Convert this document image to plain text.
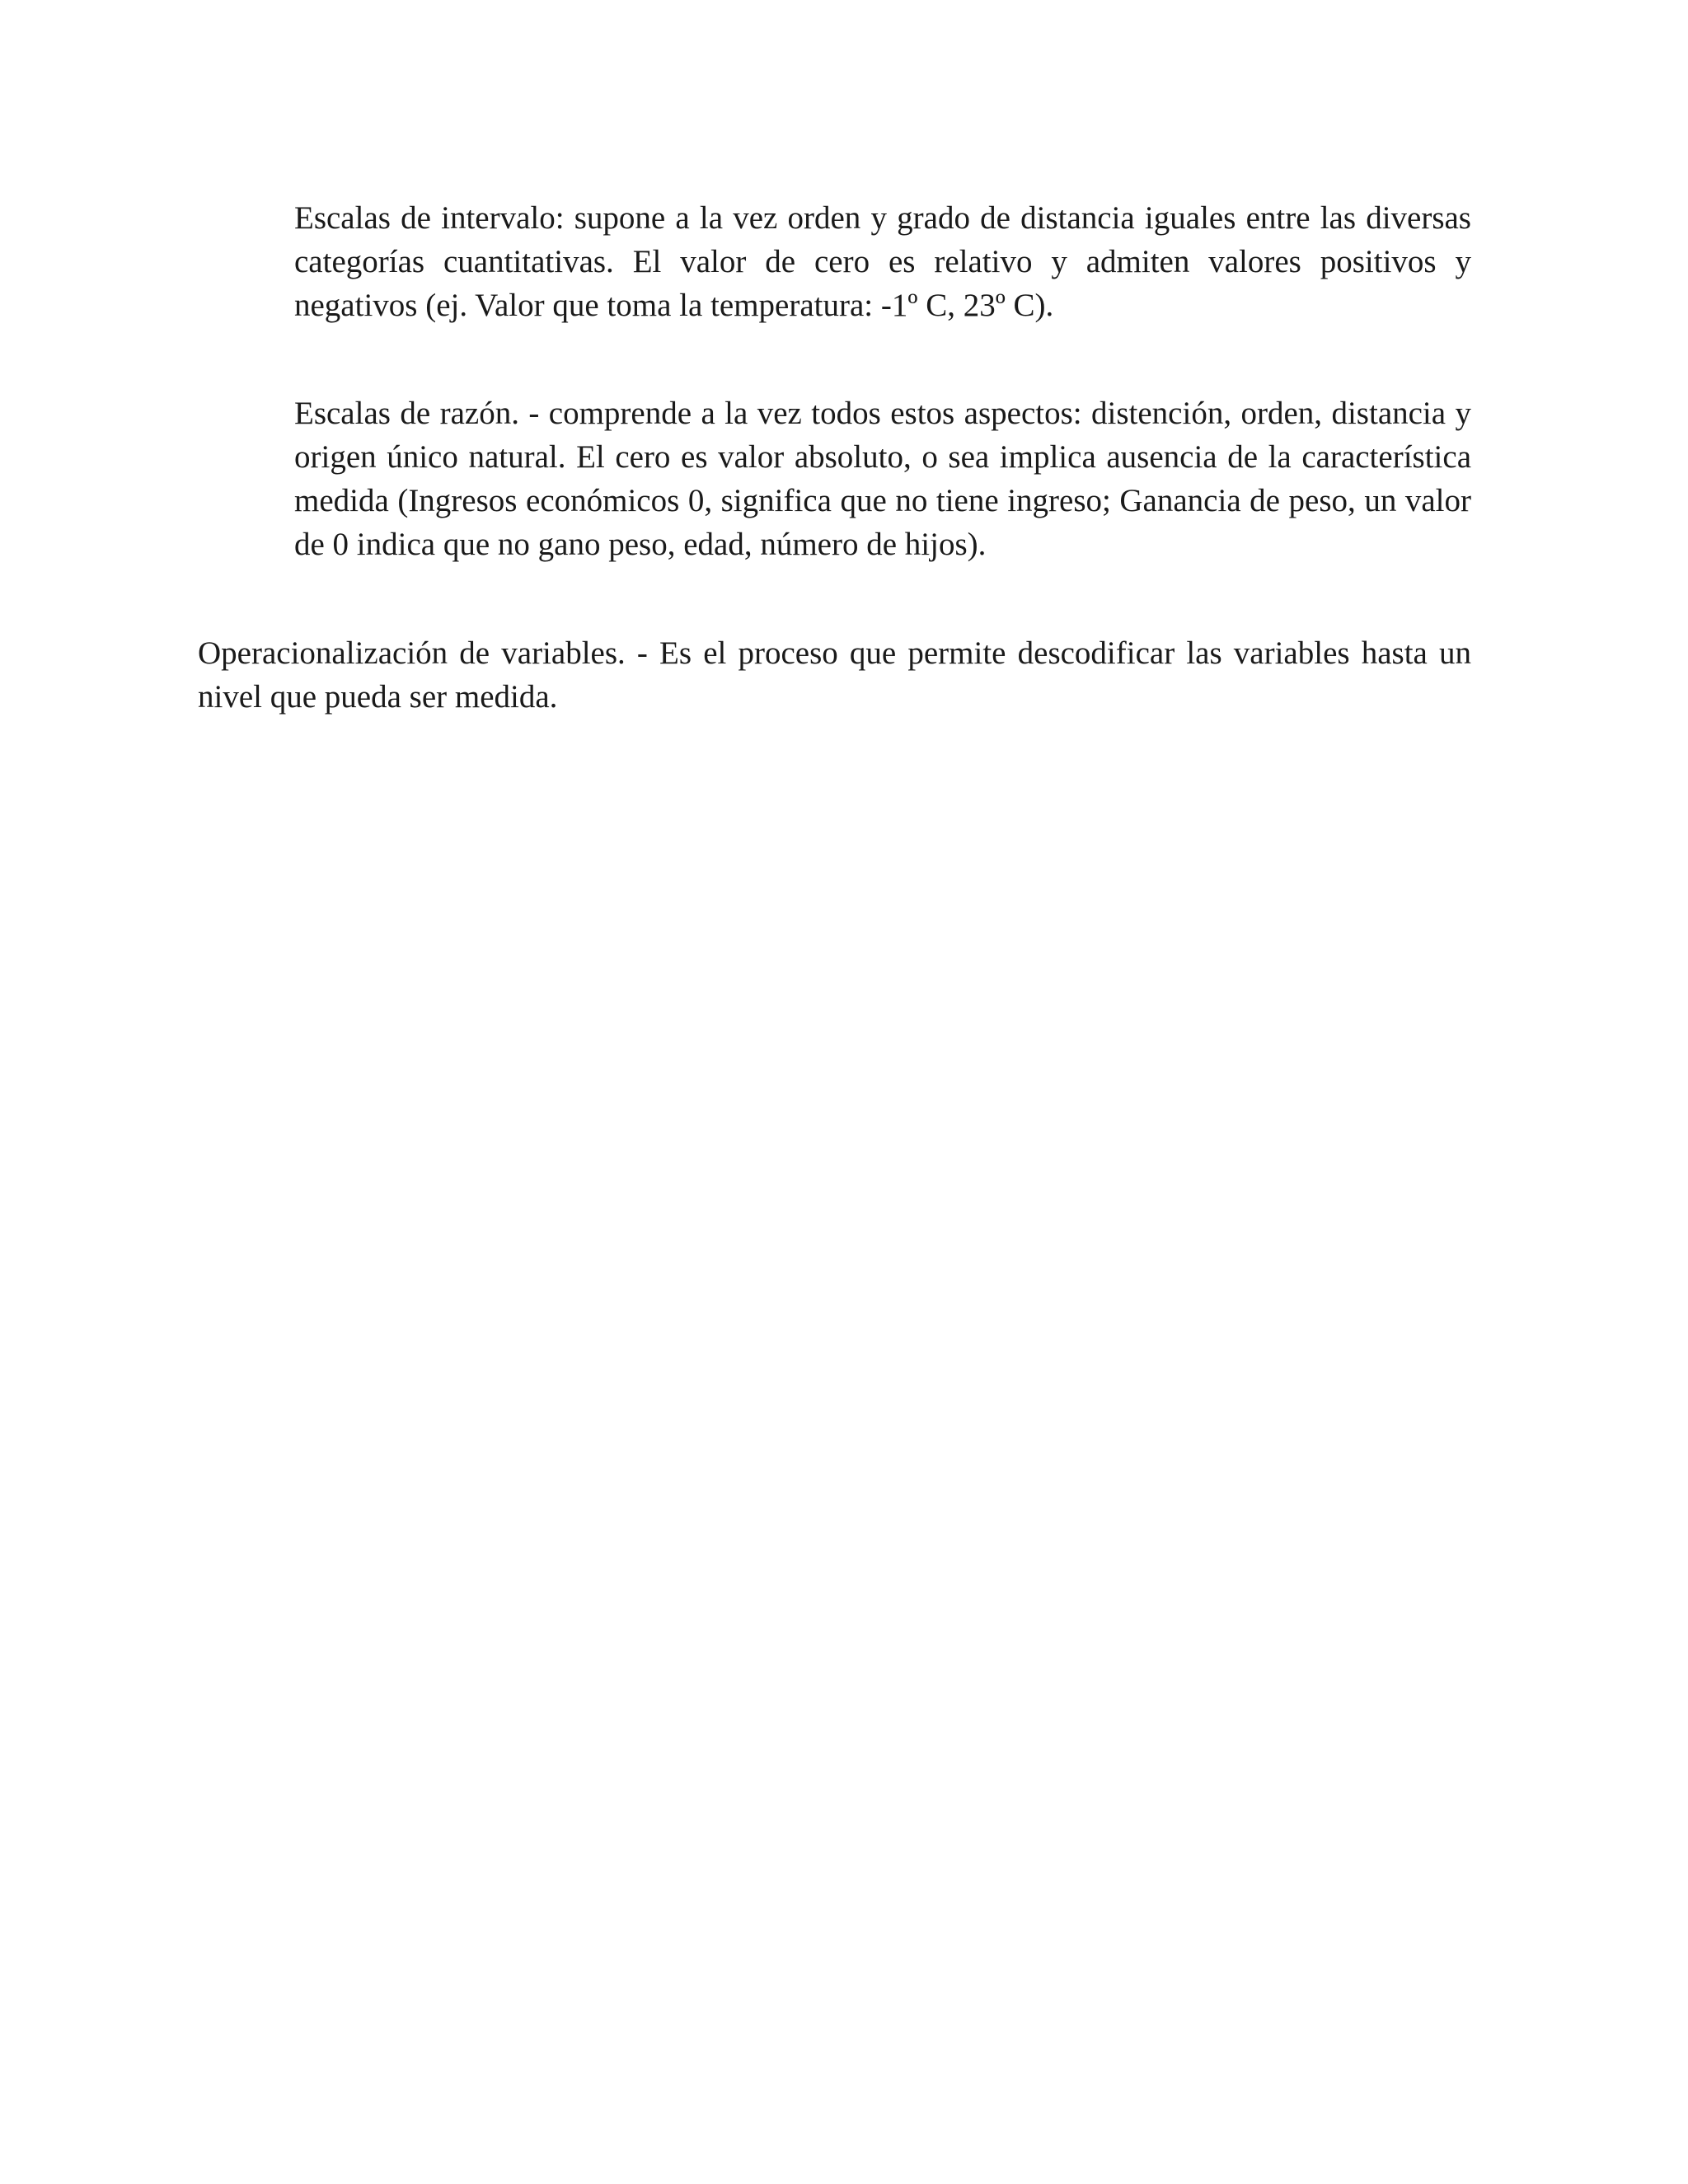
Escalas de intervalo: supone a la vez orden y grado de distancia iguales entre las diversas categorías cuantitativas. El valor de cero es relativo y admiten valores positivos y negativos (ej. Valor que toma la temperatura: -1º C, 23º C).

Escalas de razón. - comprende a la vez todos estos aspectos: distención, orden, distancia y origen único natural. El cero es valor absoluto, o sea implica ausencia de la característica medida (Ingresos económicos 0, significa que no tiene ingreso; Ganancia de peso, un valor de 0 indica que no gano peso, edad, número de hijos).

Operacionalización de variables. - Es el proceso que permite descodificar las variables hasta un nivel que pueda ser medida.
